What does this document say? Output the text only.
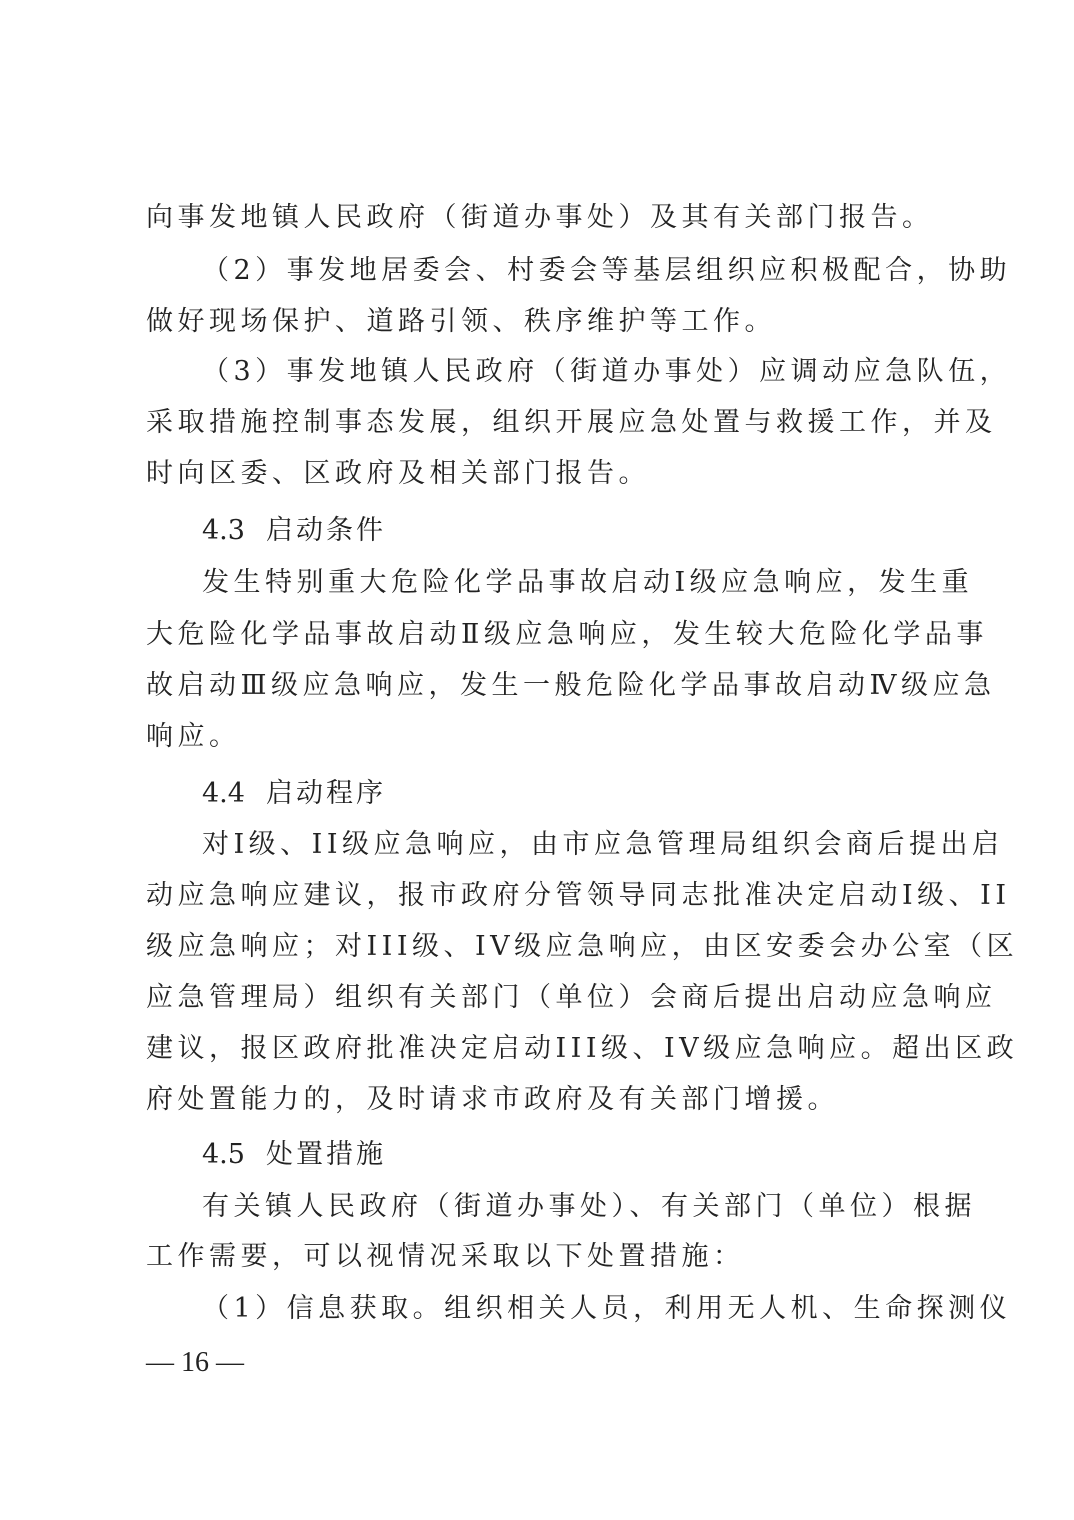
向事发地镇人民政府（街道办事处）及其有关部门报告。
（2）事发地居委会、村委会等基层组织应积极配合，协助
做好现场保护、道路引领、秩序维护等工作。
（3）事发地镇人民政府（街道办事处）应调动应急队伍，
采取措施控制事态发展，组织开展应急处置与救援工作，并及
时向区委、区政府及相关部门报告。
4.3 启动条件
发生特别重大危险化学品事故启动Ⅰ级应急响应，发生重
大危险化学品事故启动Ⅱ级应急响应，发生较大危险化学品事
故启动Ⅲ级应急响应，发生一般危险化学品事故启动Ⅳ级应急
响应。
4.4 启动程序
对I级、II级应急响应，由市应急管理局组织会商后提出启
动应急响应建议，报市政府分管领导同志批准决定启动I级、II
级应急响应；对III级、IV级应急响应，由区安委会办公室（区
应急管理局）组织有关部门（单位）会商后提出启动应急响应
建议，报区政府批准决定启动III级、IV级应急响应。超出区政
府处置能力的，及时请求市政府及有关部门增援。
4.5 处置措施
有关镇人民政府（街道办事处）、有关部门（单位）根据
工作需要，可以视情况采取以下处置措施：
（1）信息获取。组织相关人员，利用无人机、生命探测仪
— 16 —
